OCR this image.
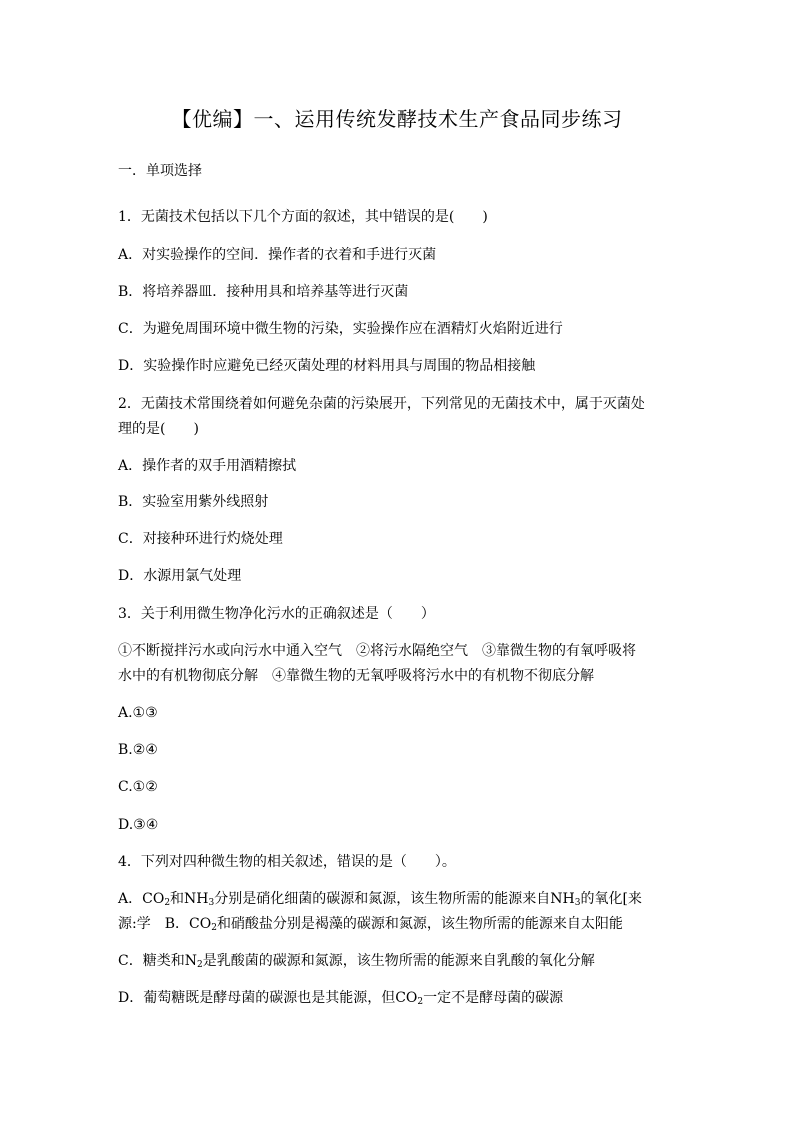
【优编】一、运用传统发酵技术生产食品同步练习
一．单项选择
1．无菌技术包括以下几个方面的叙述，其中错误的是(　　)
A．对实验操作的空间．操作者的衣着和手进行灭菌
B．将培养器皿．接种用具和培养基等进行灭菌
C．为避免周围环境中微生物的污染，实验操作应在酒精灯火焰附近进行
D．实验操作时应避免已经灭菌处理的材料用具与周围的物品相接触
2．无菌技术常围绕着如何避免杂菌的污染展开，下列常见的无菌技术中，属于灭菌处
理的是(　　)
A．操作者的双手用酒精擦拭
B．实验室用紫外线照射
C．对接种环进行灼烧处理
D．水源用氯气处理
3．关于利用微生物净化污水的正确叙述是（　　）
①不断搅拌污水或向污水中通入空气　②将污水隔绝空气　③靠微生物的有氧呼吸将
水中的有机物彻底分解　④靠微生物的无氧呼吸将污水中的有机物不彻底分解
A.①③
B.②④
C.①②
D.③④
4．下列对四种微生物的相关叙述，错误的是（　　）。
A．$CO_2$和$NH_3$分别是硝化细菌的碳源和氮源，该生物所需的能源来自$NH_3$的氧化[来
源:学　B．$CO_2$和硝酸盐分别是褐藻的碳源和氮源，该生物所需的能源来自太阳能
C．糖类和$N_2$是乳酸菌的碳源和氮源，该生物所需的能源来自乳酸的氧化分解
D．葡萄糖既是酵母菌的碳源也是其能源，但$CO_2$一定不是酵母菌的碳源
